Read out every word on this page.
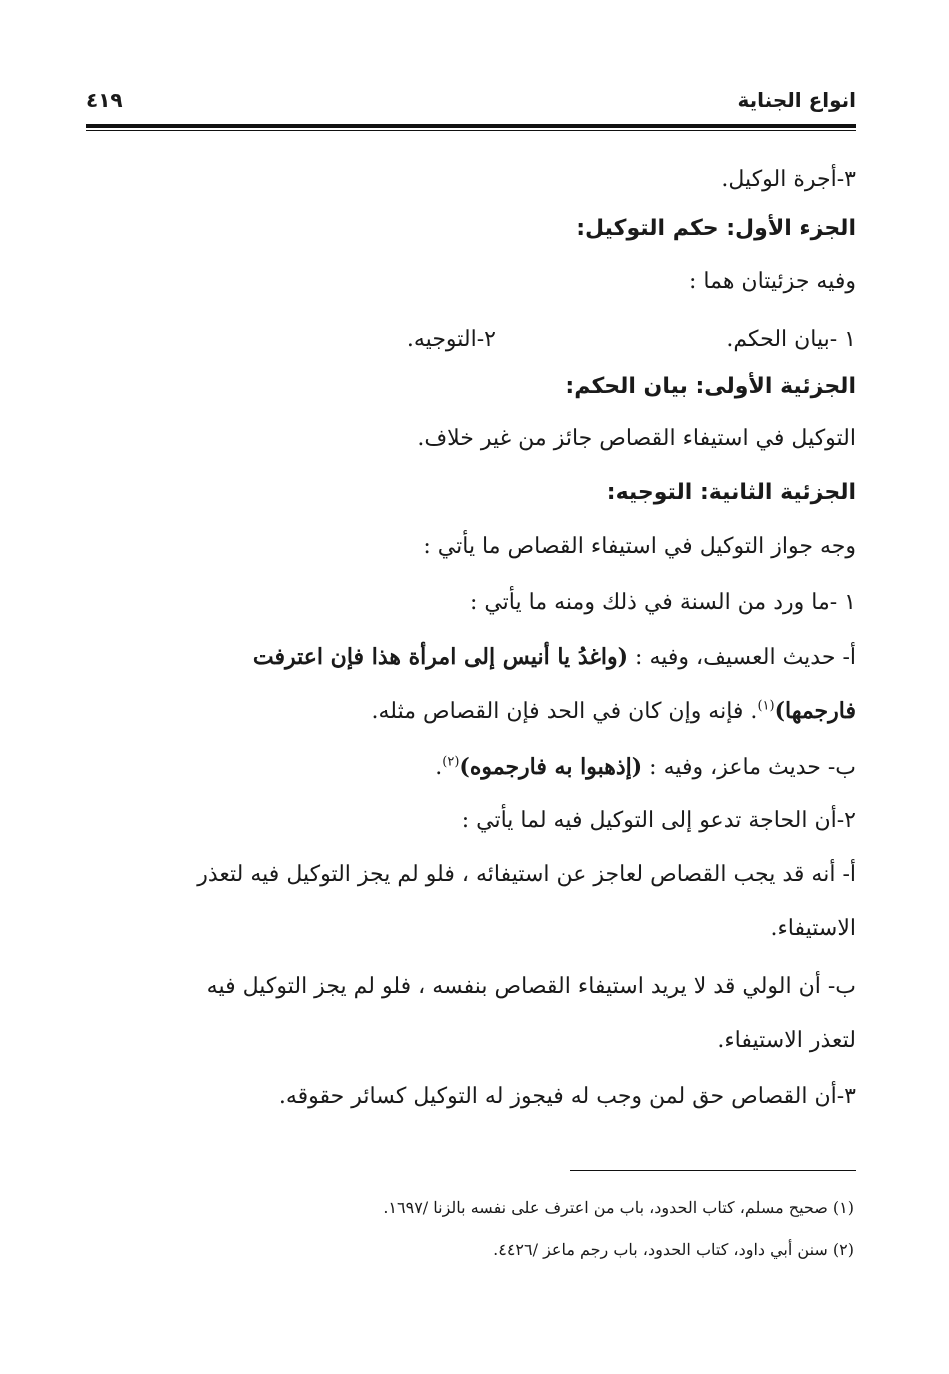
انواع الجناية
٤١٩
٣-أجرة الوكيل.
الجزء الأول: حكم التوكيل:
وفيه جزئيتان هما :
١ -بيان الحكم.
٢-التوجيه.
الجزئية الأولى: بيان الحكم:
التوكيل في استيفاء القصاص جائز من غير خلاف.
الجزئية الثانية: التوجيه:
وجه جواز التوكيل في استيفاء القصاص ما يأتي :
١ -ما ورد من السنة في ذلك ومنه ما يأتي :
أ- حديث العسيف، وفيه : (واغدُ يا أنيس إلى امرأة هذا فإن اعترفت
فارجمها)$^{(١)}$. فإنه وإن كان في الحد فإن القصاص مثله.
ب- حديث ماعز، وفيه : (إذهبوا به فارجموه)$^{(٢)}$.
٢-أن الحاجة تدعو إلى التوكيل فيه لما يأتي :
أ- أنه قد يجب القصاص لعاجز عن استيفائه ، فلو لم يجز التوكيل فيه لتعذر
الاستيفاء.
ب- أن الولي قد لا يريد استيفاء القصاص بنفسه ، فلو لم يجز التوكيل فيه
لتعذر الاستيفاء.
٣-أن القصاص حق لمن وجب له فيجوز له التوكيل كسائر حقوقه.
(١) صحيح مسلم، كتاب الحدود، باب من اعترف على نفسه بالزنا /١٦٩٧.
(٢) سنن أبي داود، كتاب الحدود، باب رجم ماعز /٤٤٢٦.
